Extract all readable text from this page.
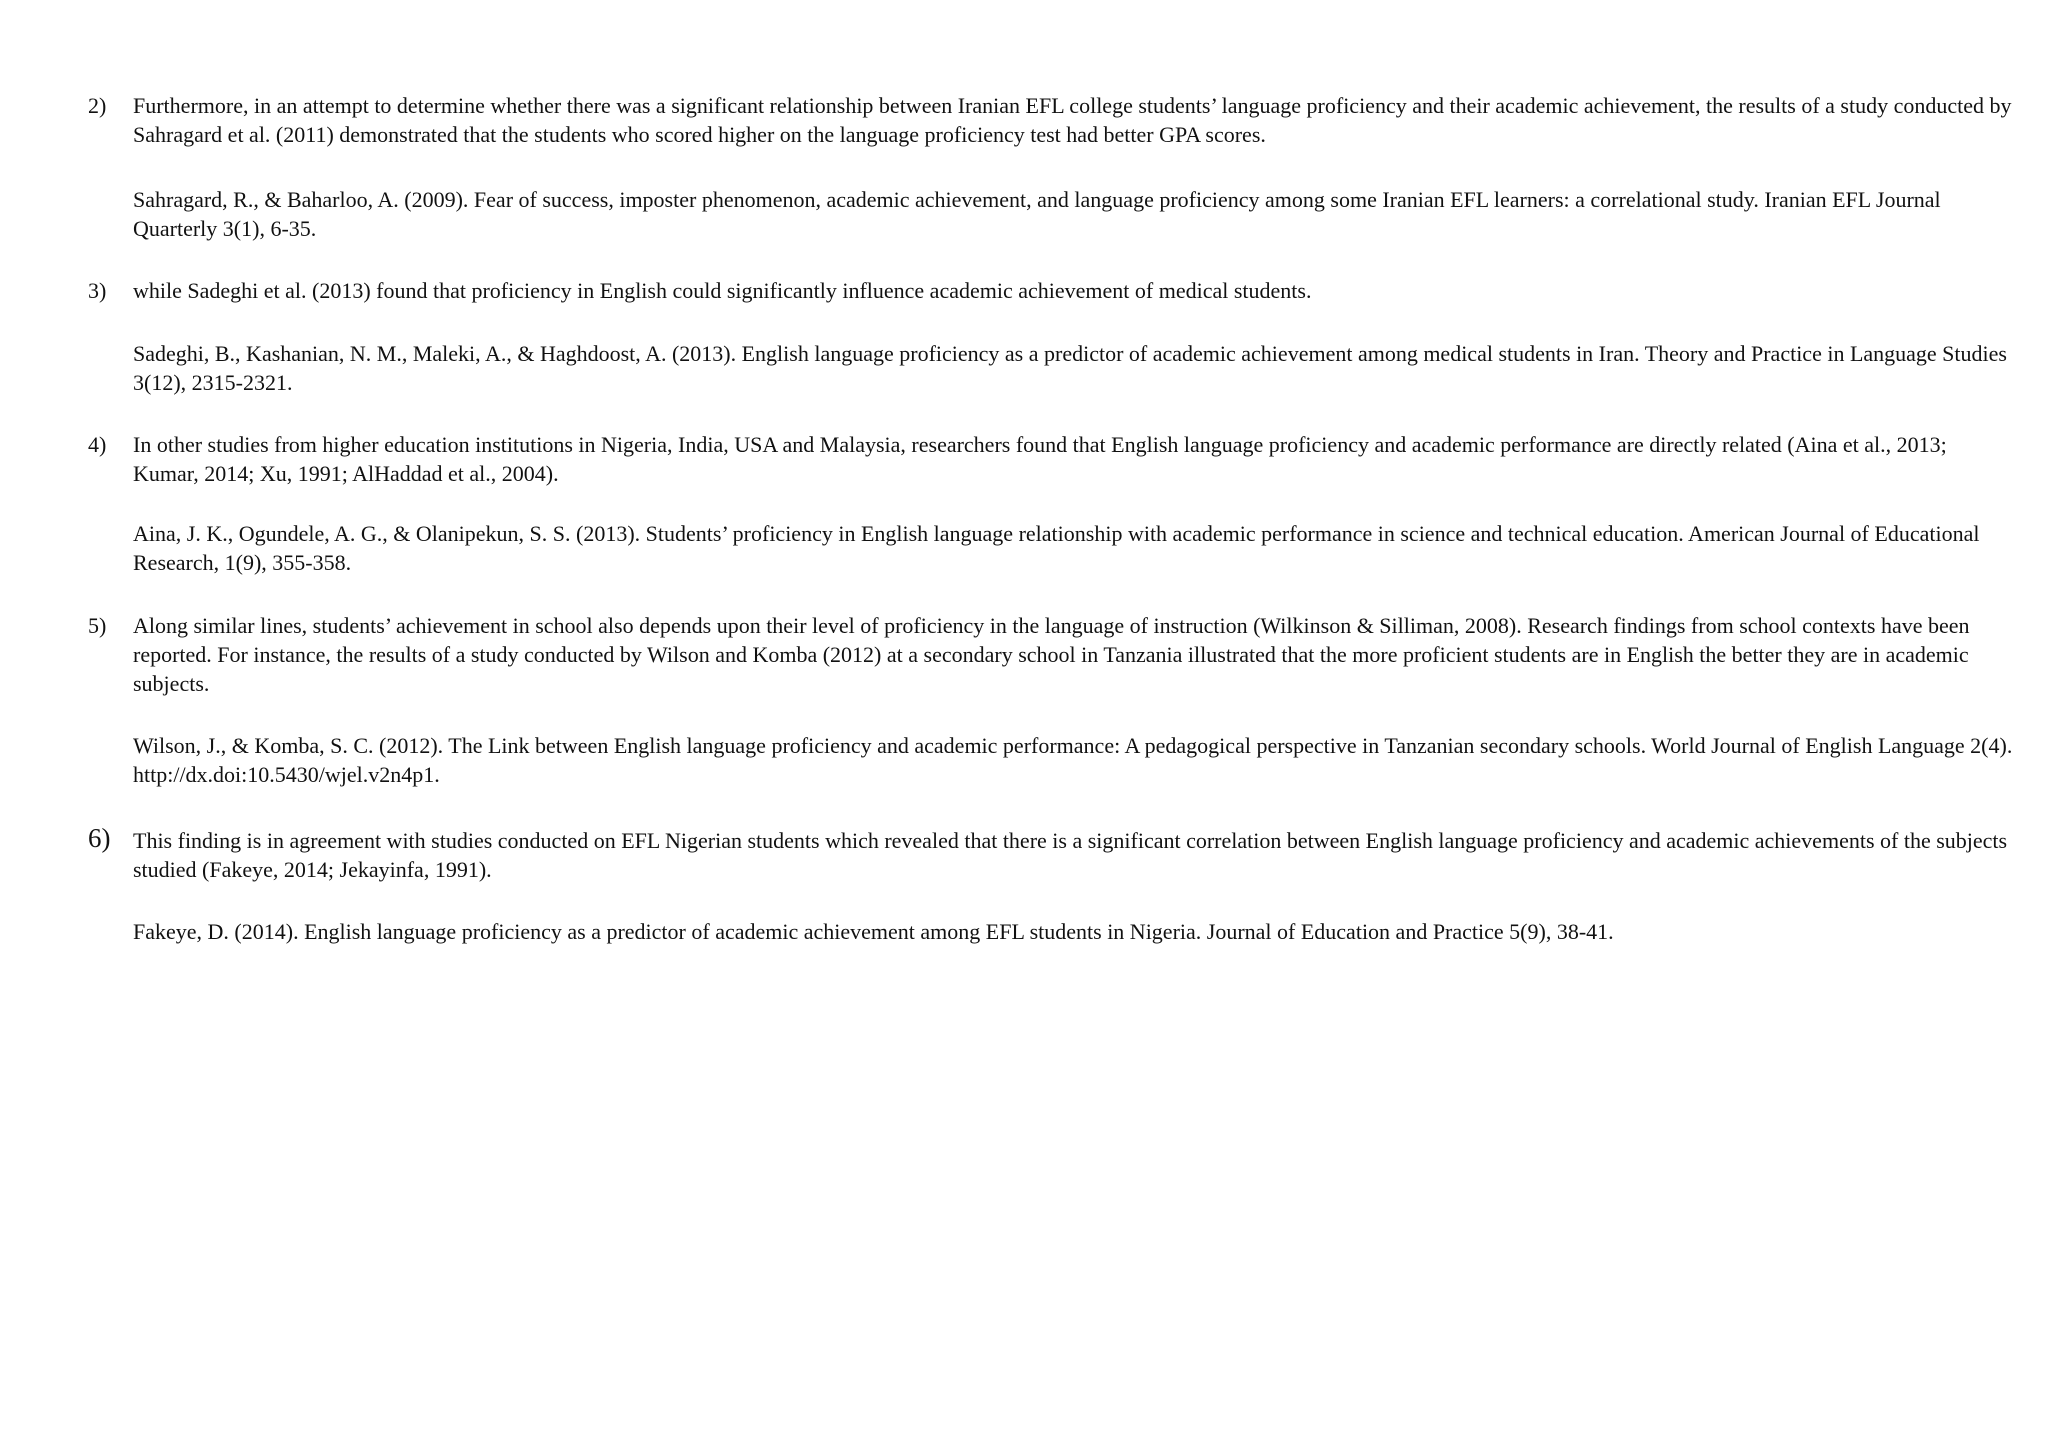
2) Furthermore, in an attempt to determine whether there was a significant relationship between Iranian EFL college students’ language proficiency and their academic achievement, the results of a study conducted by Sahragard et al. (2011) demonstrated that the students who scored higher on the language proficiency test had better GPA scores.
Sahragard, R., & Baharloo, A. (2009). Fear of success, imposter phenomenon, academic achievement, and language proficiency among some Iranian EFL learners: a correlational study. Iranian EFL Journal Quarterly 3(1), 6-35.
3) while Sadeghi et al. (2013) found that proficiency in English could significantly influence academic achievement of medical students.
Sadeghi, B., Kashanian, N. M., Maleki, A., & Haghdoost, A. (2013). English language proficiency as a predictor of academic achievement among medical students in Iran. Theory and Practice in Language Studies 3(12), 2315-2321.
4) In other studies from higher education institutions in Nigeria, India, USA and Malaysia, researchers found that English language proficiency and academic performance are directly related (Aina et al., 2013; Kumar, 2014; Xu, 1991; AlHaddad et al., 2004).
Aina, J. K., Ogundele, A. G., & Olanipekun, S. S. (2013). Students’ proficiency in English language relationship with academic performance in science and technical education. American Journal of Educational Research, 1(9), 355-358.
5) Along similar lines, students’ achievement in school also depends upon their level of proficiency in the language of instruction (Wilkinson & Silliman, 2008). Research findings from school contexts have been reported. For instance, the results of a study conducted by Wilson and Komba (2012) at a secondary school in Tanzania illustrated that the more proficient students are in English the better they are in academic subjects.
Wilson, J., & Komba, S. C. (2012). The Link between English language proficiency and academic performance: A pedagogical perspective in Tanzanian secondary schools. World Journal of English Language 2(4). http://dx.doi:10.5430/wjel.v2n4p1.
6) This finding is in agreement with studies conducted on EFL Nigerian students which revealed that there is a significant correlation between English language proficiency and academic achievements of the subjects studied (Fakeye, 2014; Jekayinfa, 1991).
Fakeye, D. (2014). English language proficiency as a predictor of academic achievement among EFL students in Nigeria. Journal of Education and Practice 5(9), 38-41.
